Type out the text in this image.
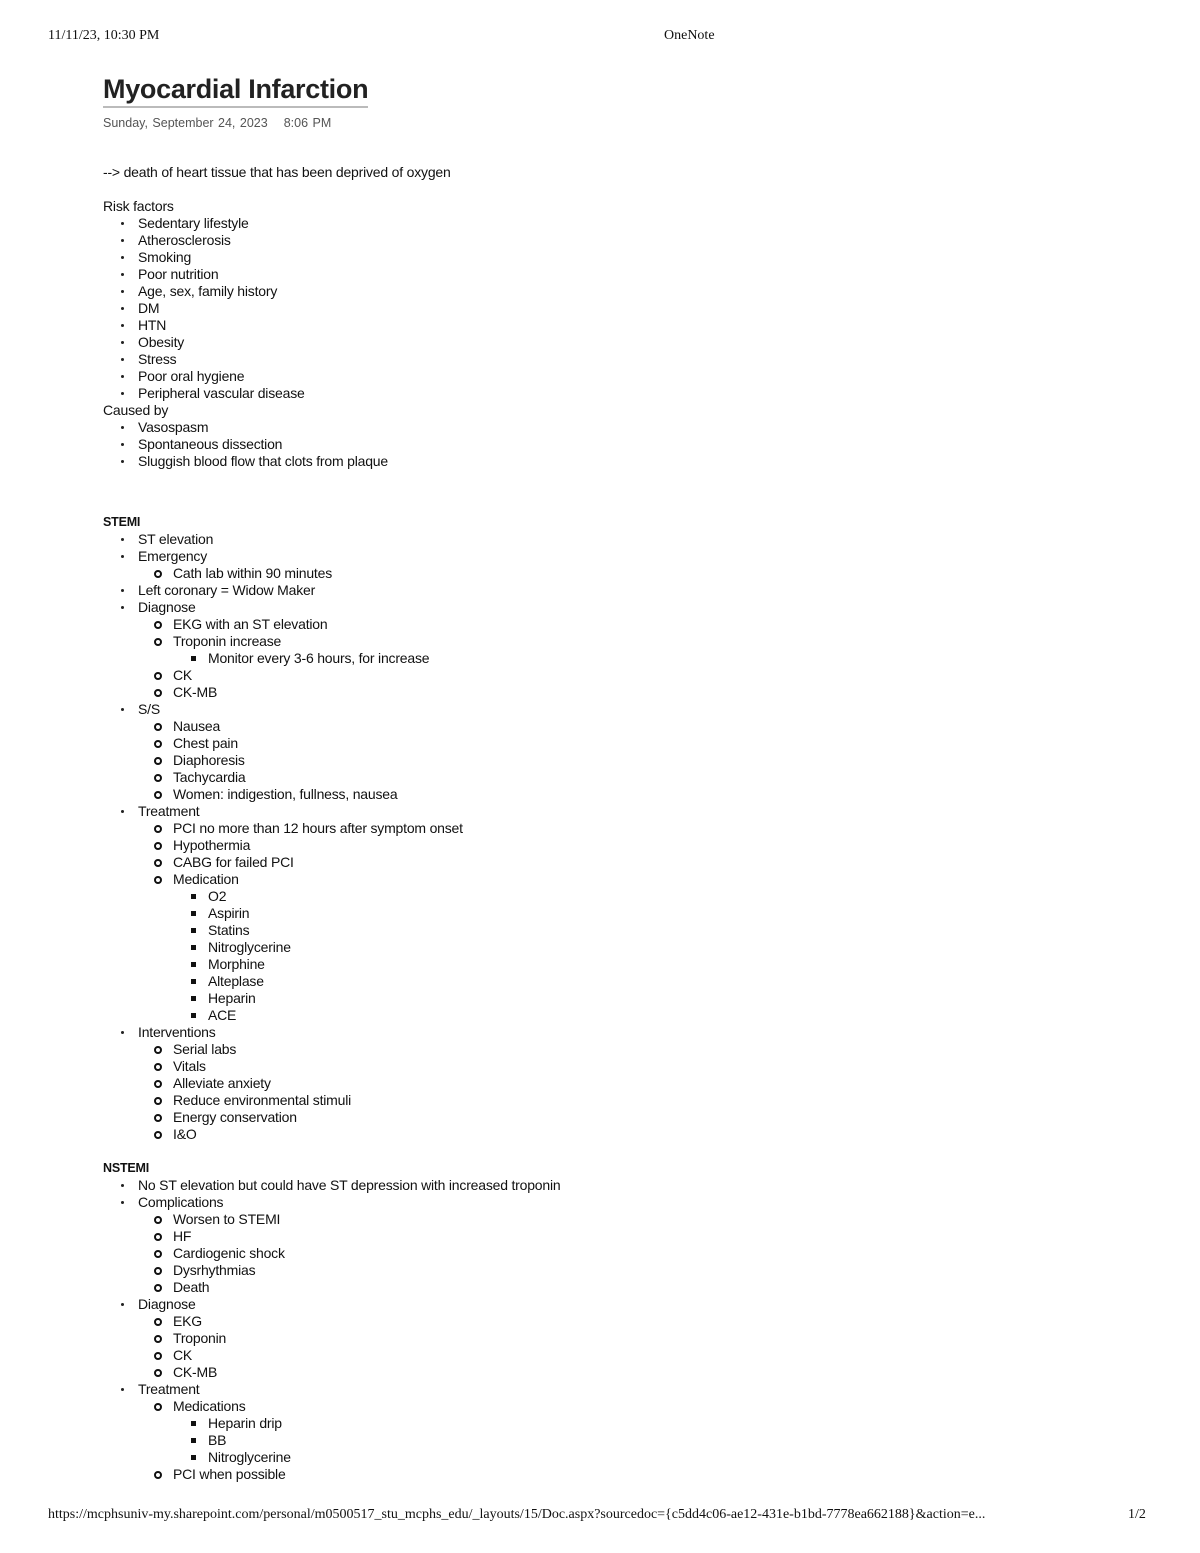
11/11/23, 10:30 PM	OneNote
Myocardial Infarction
Sunday, September 24, 2023 8:06 PM

--> death of heart tissue that has been deprived of oxygen

Risk factors

Sedentary lifestyle
Atherosclerosis
Smoking
Poor nutrition
Age, sex, family history
DM
HTN
Obesity
Stress
Poor oral hygiene
Peripheral vascular disease

Caused by

Vasospasm
Spontaneous dissection
Sluggish blood flow that clots from plaque

STEMI

ST elevation
Emergency
Cath lab within 90 minutes
Left coronary = Widow Maker
Diagnose
EKG with an ST elevation
Troponin increase
Monitor every 3-6 hours, for increase
CK
CK-MB
S/S
Nausea
Chest pain
Diaphoresis
Tachycardia
Women: indigestion, fullness, nausea
Treatment
PCI no more than 12 hours after symptom onset
Hypothermia
CABG for failed PCI
Medication
O2
Aspirin
Statins
Nitroglycerine
Morphine
Alteplase
Heparin
ACE
Interventions
Serial labs
Vitals
Alleviate anxiety
Reduce environmental stimuli
Energy conservation
I&O

NSTEMI

No ST elevation but could have ST depression with increased troponin
Complications
Worsen to STEMI
HF
Cardiogenic shock
Dysrhythmias
Death
Diagnose
EKG
Troponin
CK
CK-MB
Treatment
Medications
Heparin drip
BB
Nitroglycerine
PCI when possible
https://mcphsuniv-my.sharepoint.com/personal/m0500517_stu_mcphs_edu/_layouts/15/Doc.aspx?sourcedoc={c5dd4c06-ae12-431e-b1bd-7778ea662188}&action=e...	1/2
